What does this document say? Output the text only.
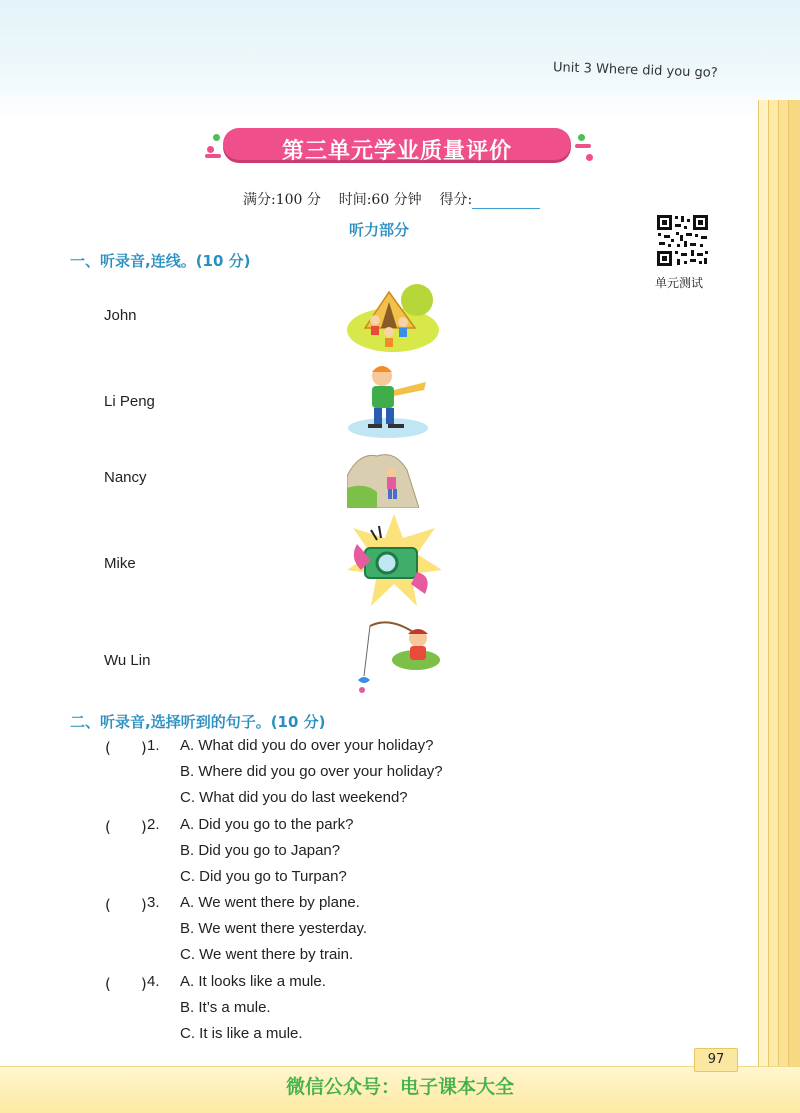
Unit 3 Where did you go?
第三单元学业质量评价
满分:100 分 时间:60 分钟 得分:
听力部分
单元测试
一、听录音,连线。(10 分)
John
Li Peng
Nancy
Mike
Wu Lin
二、听录音,选择听到的句子。(10 分)
(　　) 1. A. What did you do over your holiday?
B. Where did you go over your holiday?
C. What did you do last weekend?
(　　) 2. A. Did you go to the park?
B. Did you go to Japan?
C. Did you go to Turpan?
(　　) 3. A. We went there by plane.
B. We went there yesterday.
C. We went there by train.
(　　) 4. A. It looks like a mule.
B. It’s a mule.
C. It is like a mule.
97
微信公众号：电子课本大全
